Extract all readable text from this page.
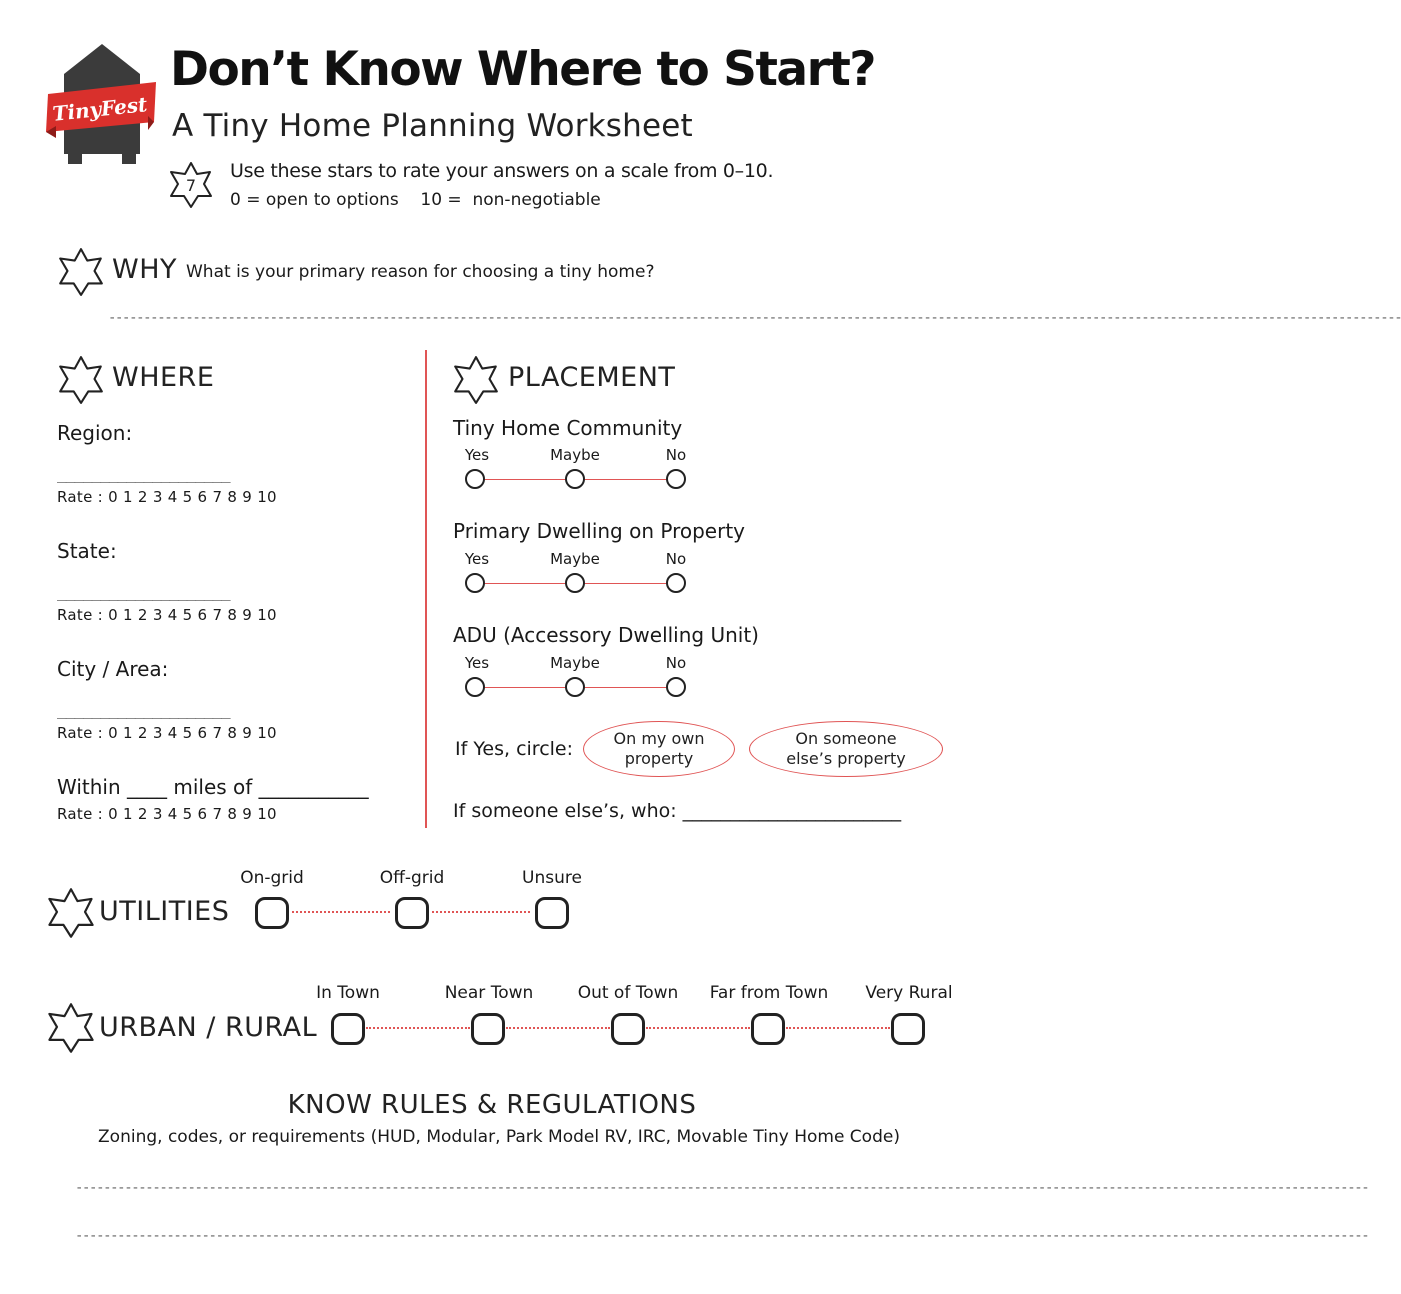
TinyFest
Don’t Know Where to Start?
A Tiny Home Planning Worksheet
7
Use these stars to rate your answers on a scale from 0–10.
0 = open to options    10 =  non-negotiable
WHY What is your primary reason for choosing a tiny home?
----------------------------------------------------------------------------------------------------------------------------------------------------------------------------------------
WHERE
Region:
____________________
Rate : 0 1 2 3 4 5 6 7 8 9 10
State:
____________________
Rate : 0 1 2 3 4 5 6 7 8 9 10
City / Area:
____________________
Rate : 0 1 2 3 4 5 6 7 8 9 10
Within ____ miles of ___________
Rate : 0 1 2 3 4 5 6 7 8 9 10
PLACEMENT
Tiny Home Community
Yes	Maybe	No
Primary Dwelling on Property
Yes	Maybe	No
ADU (Accessory Dwelling Unit)
Yes	Maybe	No
If Yes, circle:	On my own property
On someone else’s property
If someone else’s, who: _______________________
UTILITIES
On-grid	Off-grid	Unsure
URBAN / RURAL
In Town	Near Town	Out of Town	Far from Town	Very Rural
KNOW RULES & REGULATIONS
Zoning, codes, or requirements (HUD, Modular, Park Model RV, IRC, Movable Tiny Home Code)
----------------------------------------------------------------------------------------------------------------------------------------------------------------------------------------
----------------------------------------------------------------------------------------------------------------------------------------------------------------------------------------
